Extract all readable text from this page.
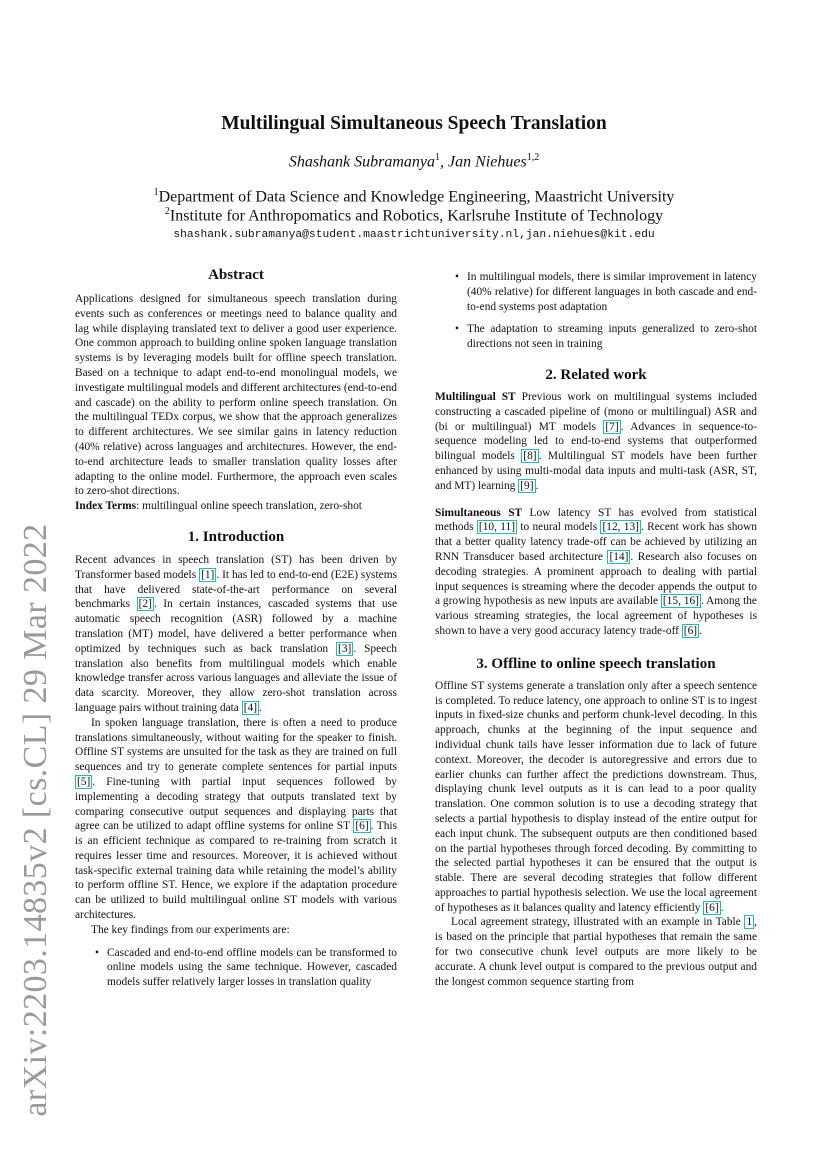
arXiv:2203.14835v2 [cs.CL] 29 Mar 2022
Multilingual Simultaneous Speech Translation
Shashank Subramanya$^1$, Jan Niehues$^{1,2}$
$^1$Department of Data Science and Knowledge Engineering, Maastricht University
$^2$Institute for Anthropomatics and Robotics, Karlsruhe Institute of Technology
shashank.subramanya@student.maastrichtuniversity.nl,jan.niehues@kit.edu
Abstract

Applications designed for simultaneous speech translation during events such as conferences or meetings need to balance quality and lag while displaying translated text to deliver a good user experience. One common approach to building online spoken language translation systems is by leveraging models built for offline speech translation. Based on a technique to adapt end-to-end monolingual models, we investigate multilingual models and different architectures (end-to-end and cascade) on the ability to perform online speech translation. On the multilingual TEDx corpus, we show that the approach generalizes to different architectures. We see similar gains in latency reduction (40% relative) across languages and architectures. However, the end-to-end architecture leads to smaller translation quality losses after adapting to the online model. Furthermore, the approach even scales to zero-shot directions.
Index Terms: multilingual online speech translation, zero-shot

1. Introduction

Recent advances in speech translation (ST) has been driven by Transformer based models [1] . It has led to end-to-end (E2E) systems that have delivered state-of-the-art performance on several benchmarks [2] . In certain instances, cascaded systems that use automatic speech recognition (ASR) followed by a machine translation (MT) model, have delivered a better performance when optimized by techniques such as back translation [3] . Speech translation also benefits from multilingual models which enable knowledge transfer across various languages and alleviate the issue of data scarcity. Moreover, they allow zero-shot translation across language pairs without training data [4] .

In spoken language translation, there is often a need to produce translations simultaneously, without waiting for the speaker to finish. Offline ST systems are unsuited for the task as they are trained on full sequences and try to generate complete sentences for partial inputs [5] . Fine-tuning with partial input sequences followed by implementing a decoding strategy that outputs translated text by comparing consecutive output sequences and displaying parts that agree can be utilized to adapt offline systems for online ST [6] . This is an efficient technique as compared to re-training from scratch it requires lesser time and resources. Moreover, it is achieved without task-specific external training data while retaining the model’s ability to perform offline ST. Hence, we explore if the adaptation procedure can be utilized to build multilingual online ST models with various architectures.

The key findings from our experiments are:

• Cascaded and end-to-end offline models can be transformed to online models using the same technique. However, cascaded models suffer relatively larger losses in translation quality
• In multilingual models, there is similar improvement in latency (40% relative) for different languages in both cascade and end-to-end systems post adaptation
• The adaptation to streaming inputs generalized to zero-shot directions not seen in training
2. Related work

Multilingual ST Previous work on multilingual systems included constructing a cascaded pipeline of (mono or multilingual) ASR and (bi or multilingual) MT models [7] . Advances in sequence-to-sequence modeling led to end-to-end systems that outperformed bilingual models [8] . Multilingual ST models have been further enhanced by using multi-modal data inputs and multi-task (ASR, ST, and MT) learning [9] .

Simultaneous ST Low latency ST has evolved from statistical methods [10, 11] to neural models [12, 13] . Recent work has shown that a better quality latency trade-off can be achieved by utilizing an RNN Transducer based architecture [14] . Research also focuses on decoding strategies. A prominent approach to dealing with partial input sequences is streaming where the decoder appends the output to a growing hypothesis as new inputs are available [15, 16] . Among the various streaming strategies, the local agreement of hypotheses is shown to have a very good accuracy latency trade-off [6] .

3. Offline to online speech translation

Offline ST systems generate a translation only after a speech sentence is completed. To reduce latency, one approach to online ST is to ingest inputs in fixed-size chunks and perform chunk-level decoding. In this approach, chunks at the beginning of the input sequence and individual chunk tails have lesser information due to lack of future context. Moreover, the decoder is autoregressive and errors due to earlier chunks can further affect the predictions downstream. Thus, displaying chunk level outputs as it is can lead to a poor quality translation. One common solution is to use a decoding strategy that selects a partial hypothesis to display instead of the entire output for each input chunk. The subsequent outputs are then conditioned based on the partial hypotheses through forced decoding. By committing to the selected partial hypotheses it can be ensured that the output is stable. There are several decoding strategies that follow different approaches to partial hypothesis selection. We use the local agreement of hypotheses as it balances quality and latency efficiently [6] .

Local agreement strategy, illustrated with an example in Table 1 , is based on the principle that partial hypotheses that remain the same for two consecutive chunk level outputs are more likely to be accurate. A chunk level output is compared to the previous output and the longest common sequence starting from
